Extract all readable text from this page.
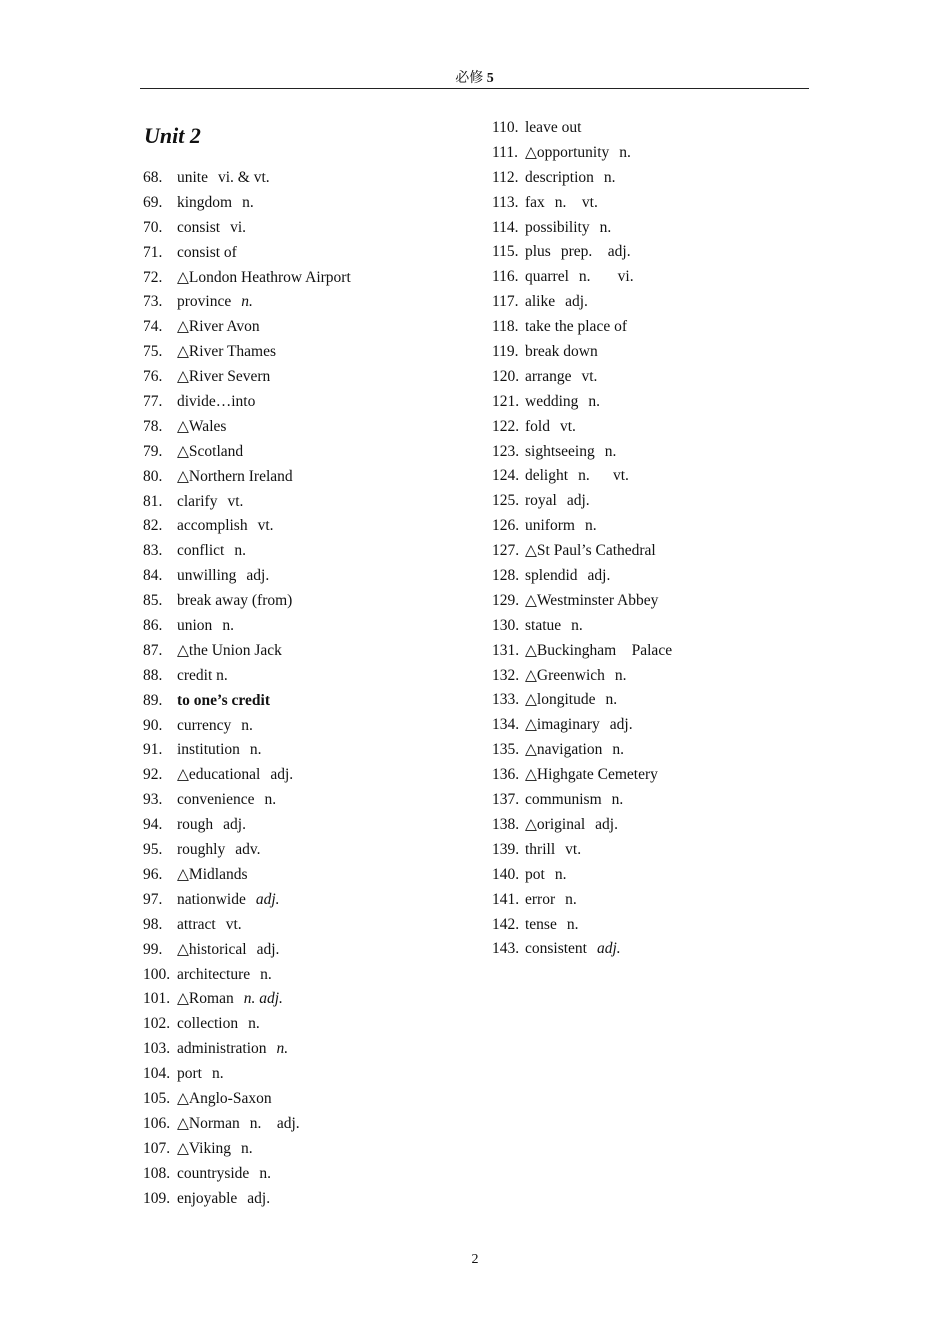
必修 5
Unit 2
68. unite vi. & vt.
69. kingdom n.
70. consist vi.
71. consist of
72. △London Heathrow Airport
73. province n.
74. △River Avon
75. △River Thames
76. △River Severn
77. divide…into
78. △Wales
79. △Scotland
80. △Northern Ireland
81. clarify vt.
82. accomplish vt.
83. conflict n.
84. unwilling adj.
85. break away (from)
86. union n.
87. △the Union Jack
88. credit n.
89. to one’s credit
90. currency n.
91. institution n.
92. △educational adj.
93. convenience n.
94. rough adj.
95. roughly adv.
96. △Midlands
97. nationwide adj.
98. attract vt.
99. △historical adj.
100. architecture n.
101. △Roman n. adj.
102. collection n.
103. administration n.
104. port n.
105. △Anglo-Saxon
106. △Norman n.    adj.
107. △Viking n.
108. countryside n.
109. enjoyable adj.
110. leave out
111. △opportunity n.
112. description n.
113. fax n.    vt.
114. possibility n.
115. plus prep.    adj.
116. quarrel n.       vi.
117. alike adj.
118. take the place of
119. break down
120. arrange vt.
121. wedding n.
122. fold vt.
123. sightseeing n.
124. delight n.      vt.
125. royal adj.
126. uniform n.
127. △St Paul’s Cathedral
128. splendid adj.
129. △Westminster Abbey
130. statue n.
131. △Buckingham    Palace
132. △Greenwich n.
133. △longitude n.
134. △imaginary adj.
135. △navigation n.
136. △Highgate Cemetery
137. communism n.
138. △original adj.
139. thrill vt.
140. pot n.
141. error n.
142. tense n.
143. consistent adj.
2
